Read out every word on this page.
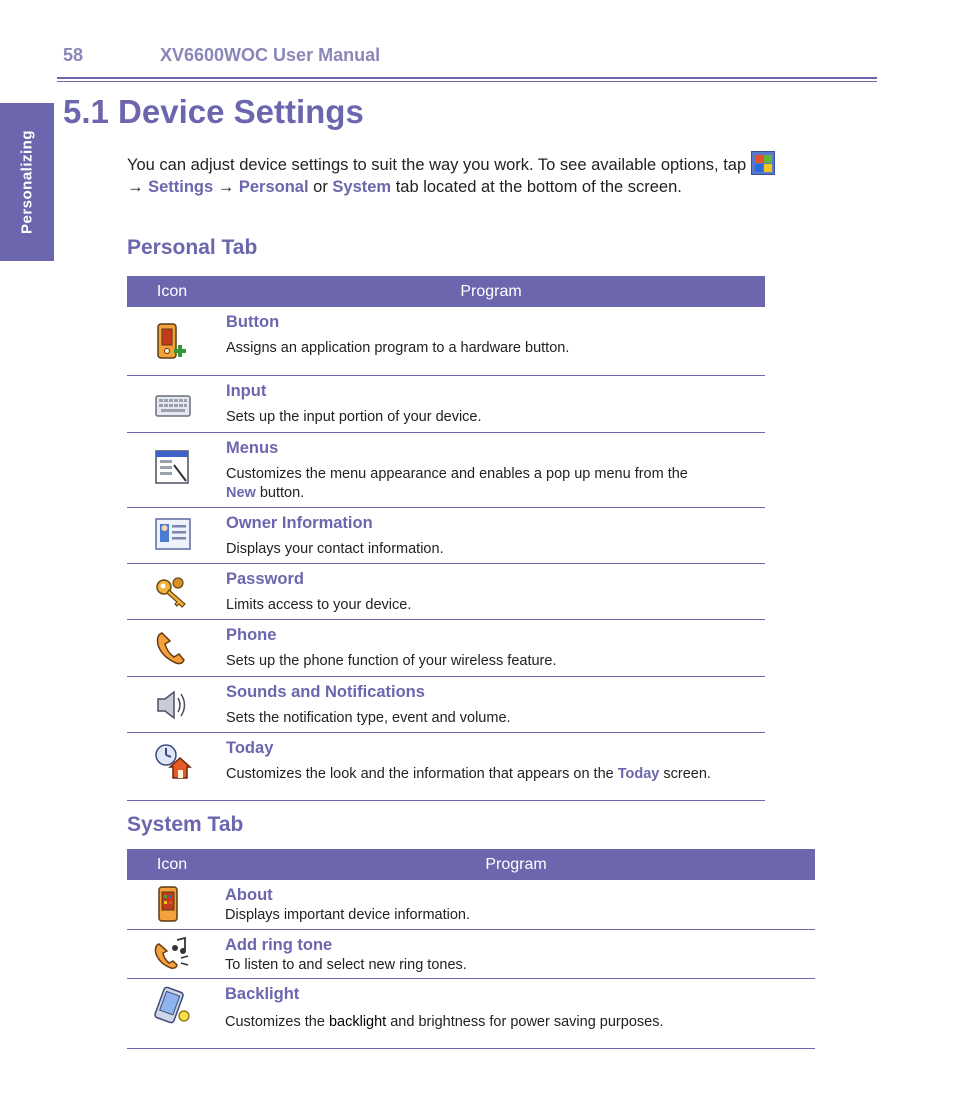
58	XV6600WOC User Manual
Personalizing
5.1 Device Settings

You can adjust device settings to suit the way you work. To see available options, tap

→ Settings → Personal or System tab located at the bottom of the screen.

Personal Tab
Icon	Program
Button
Assigns an application program to a hardware button.
Input
Sets up the input portion of your device.
Menus
Customizes the menu appearance and enables a pop up menu from the
New button.
Owner Information
Displays your contact information.
Password
Limits access to your device.
Phone
Sets up the phone function of your wireless feature.
Sounds and Notifications
Sets the notification type, event and volume.
Today
Customizes the look and the information that appears on the Today screen.
System Tab
Icon	Program
About
Displays important device information.
Add ring tone
To listen to and select new ring tones.
Backlight
Customizes the backlight and brightness for power saving purposes.
